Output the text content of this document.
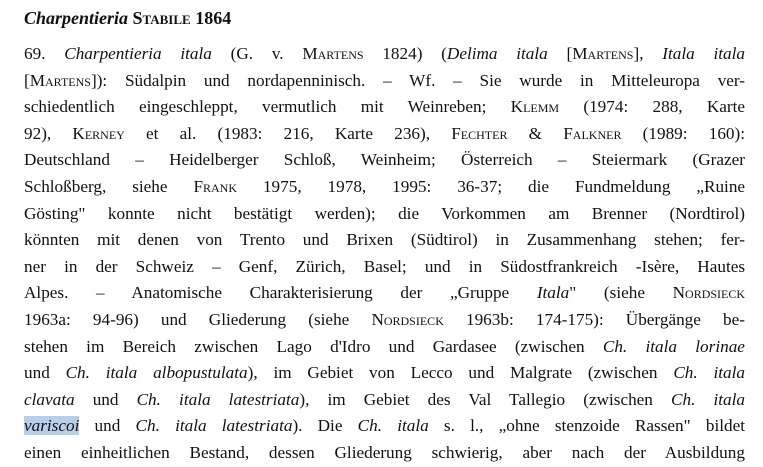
Charpentieria Stabile 1864
69. Charpentieria itala (G. v. Martens 1824) (Delima itala [Martens], Itala itala
[Martens]): Südalpin und nordapenninisch. – Wf. – Sie wurde in Mitteleuropa ver-
schiedentlich eingeschleppt, vermutlich mit Weinreben; Klemm (1974: 288, Karte
92), Kerney et al. (1983: 216, Karte 236), Fechter & Falkner (1989: 160):
Deutschland – Heidelberger Schloß, Weinheim; Österreich – Steiermark (Grazer
Schloßberg, siehe Frank 1975, 1978, 1995: 36-37; die Fundmeldung „Ruine
Gösting" konnte nicht bestätigt werden); die Vorkommen am Brenner (Nordtirol)
könnten mit denen von Trento und Brixen (Südtirol) in Zusammenhang stehen; fer-
ner in der Schweiz – Genf, Zürich, Basel; und in Südostfrankreich -Isère, Hautes
Alpes. – Anatomische Charakterisierung der „Gruppe Itala" (siehe Nordsieck
1963a: 94-96) und Gliederung (siehe Nordsieck 1963b: 174-175): Übergänge be-
stehen im Bereich zwischen Lago d'Idro und Gardasee (zwischen Ch. itala lorinae
und Ch. itala albopustulata), im Gebiet von Lecco und Malgrate (zwischen Ch. itala
clavata und Ch. itala latestriata), im Gebiet des Val Tallegio (zwischen Ch. itala
variscoi und Ch. itala latestriata). Die Ch. itala s. l., „ohne stenzoide Rassen" bildet
einen einheitlichen Bestand, dessen Gliederung schwierig, aber nach der Ausbildung
